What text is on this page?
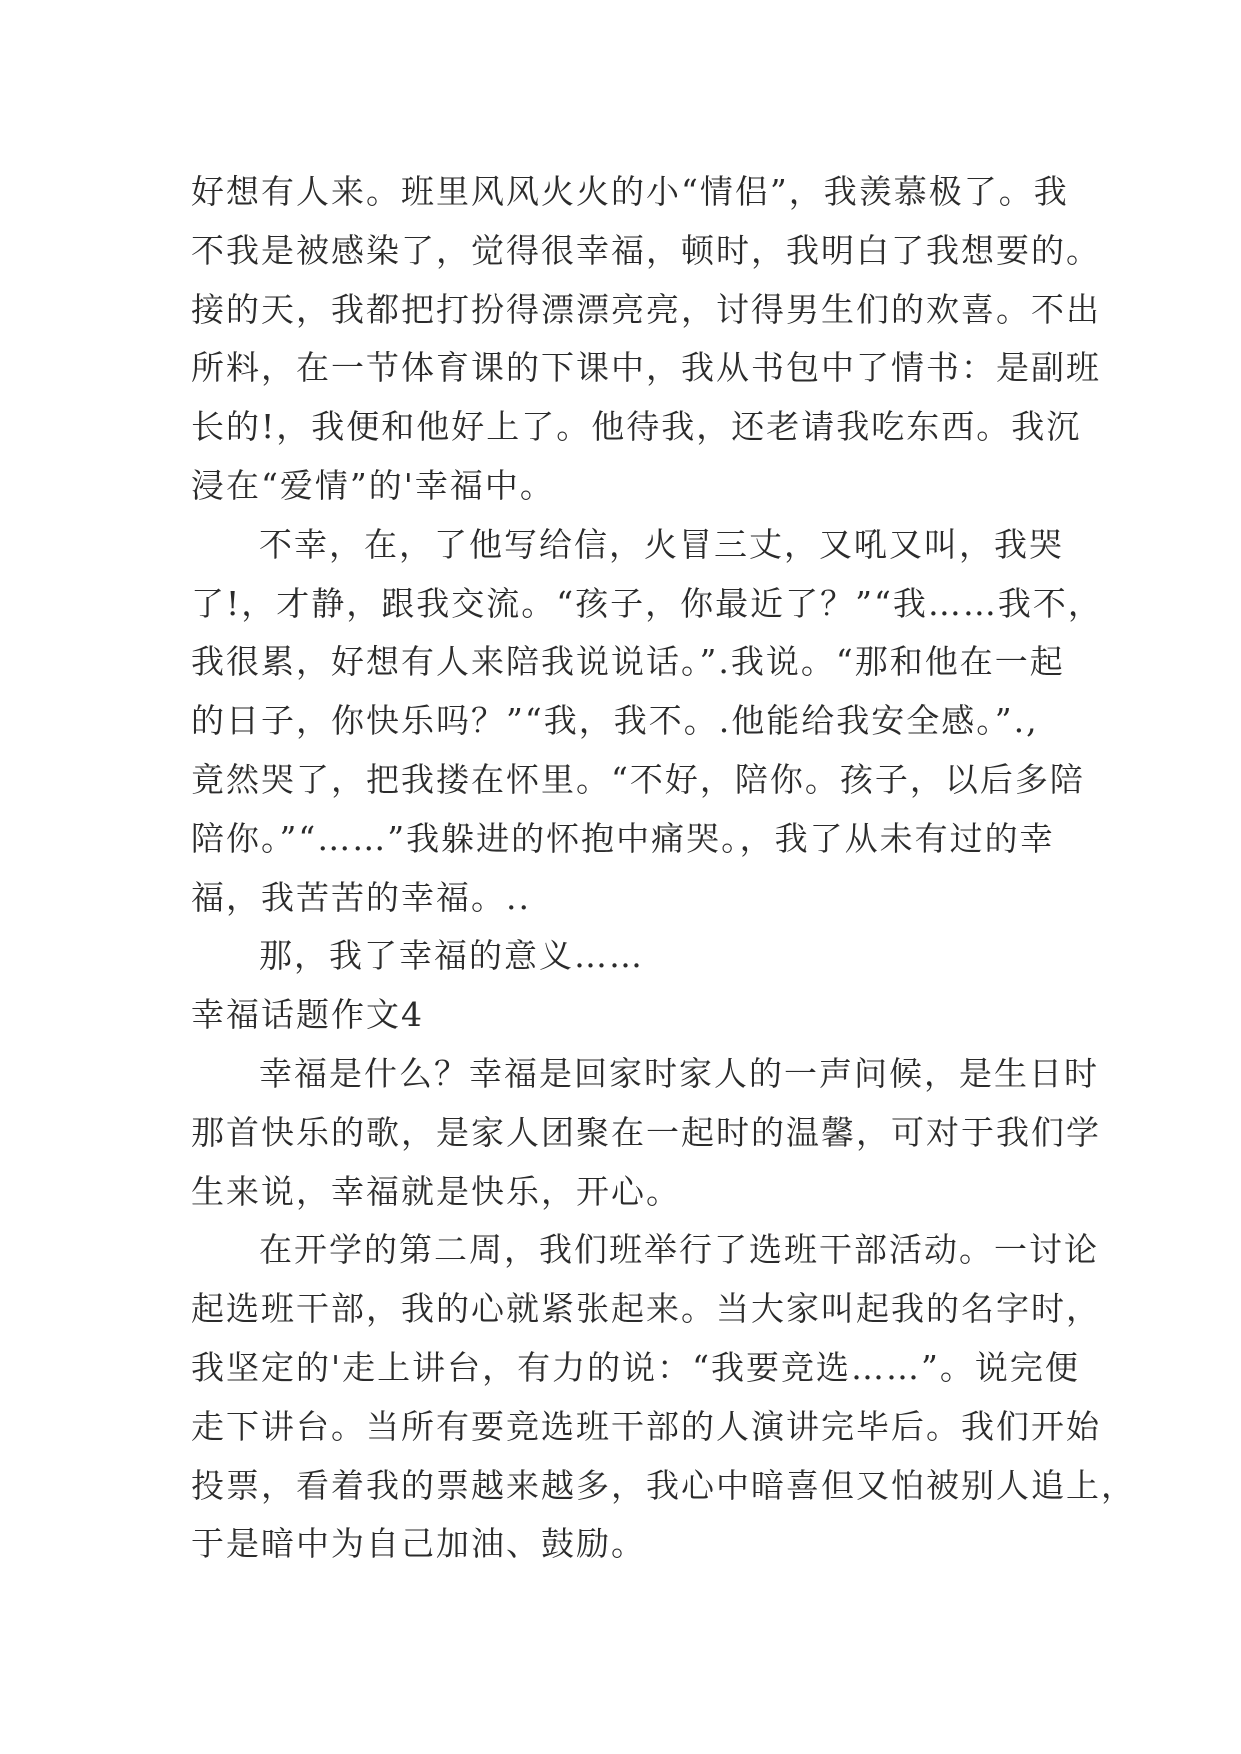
好想有人来。班里风风火火的小“情侣”，我羡慕极了。我
不我是被感染了，觉得很幸福，顿时，我明白了我想要的。
接的天，我都把打扮得漂漂亮亮，讨得男生们的欢喜。不出
所料，在一节体育课的下课中，我从书包中了情书：是副班
长的!，我便和他好上了。他待我，还老请我吃东西。我沉
浸在“爱情”的'幸福中。
不幸，在，了他写给信，火冒三丈，又吼又叫，我哭
了!，才静，跟我交流。“孩子，你最近了？”“我……我不，
我很累，好想有人来陪我说说话。”.我说。“那和他在一起
的日子，你快乐吗？”“我，我不。.他能给我安全感。”.,
竟然哭了，把我搂在怀里。“不好，陪你。孩子，以后多陪
陪你。”“……”我躲进的怀抱中痛哭。，我了从未有过的幸
福，我苦苦的幸福。..
那，我了幸福的意义……
幸福话题作文4
幸福是什么？幸福是回家时家人的一声问候，是生日时
那首快乐的歌，是家人团聚在一起时的温馨，可对于我们学
生来说，幸福就是快乐，开心。
在开学的第二周，我们班举行了选班干部活动。一讨论
起选班干部，我的心就紧张起来。当大家叫起我的名字时，
我坚定的'走上讲台，有力的说：“我要竞选……”。说完便
走下讲台。当所有要竞选班干部的人演讲完毕后。我们开始
投票，看着我的票越来越多，我心中暗喜但又怕被别人追上，
于是暗中为自己加油、鼓励。
